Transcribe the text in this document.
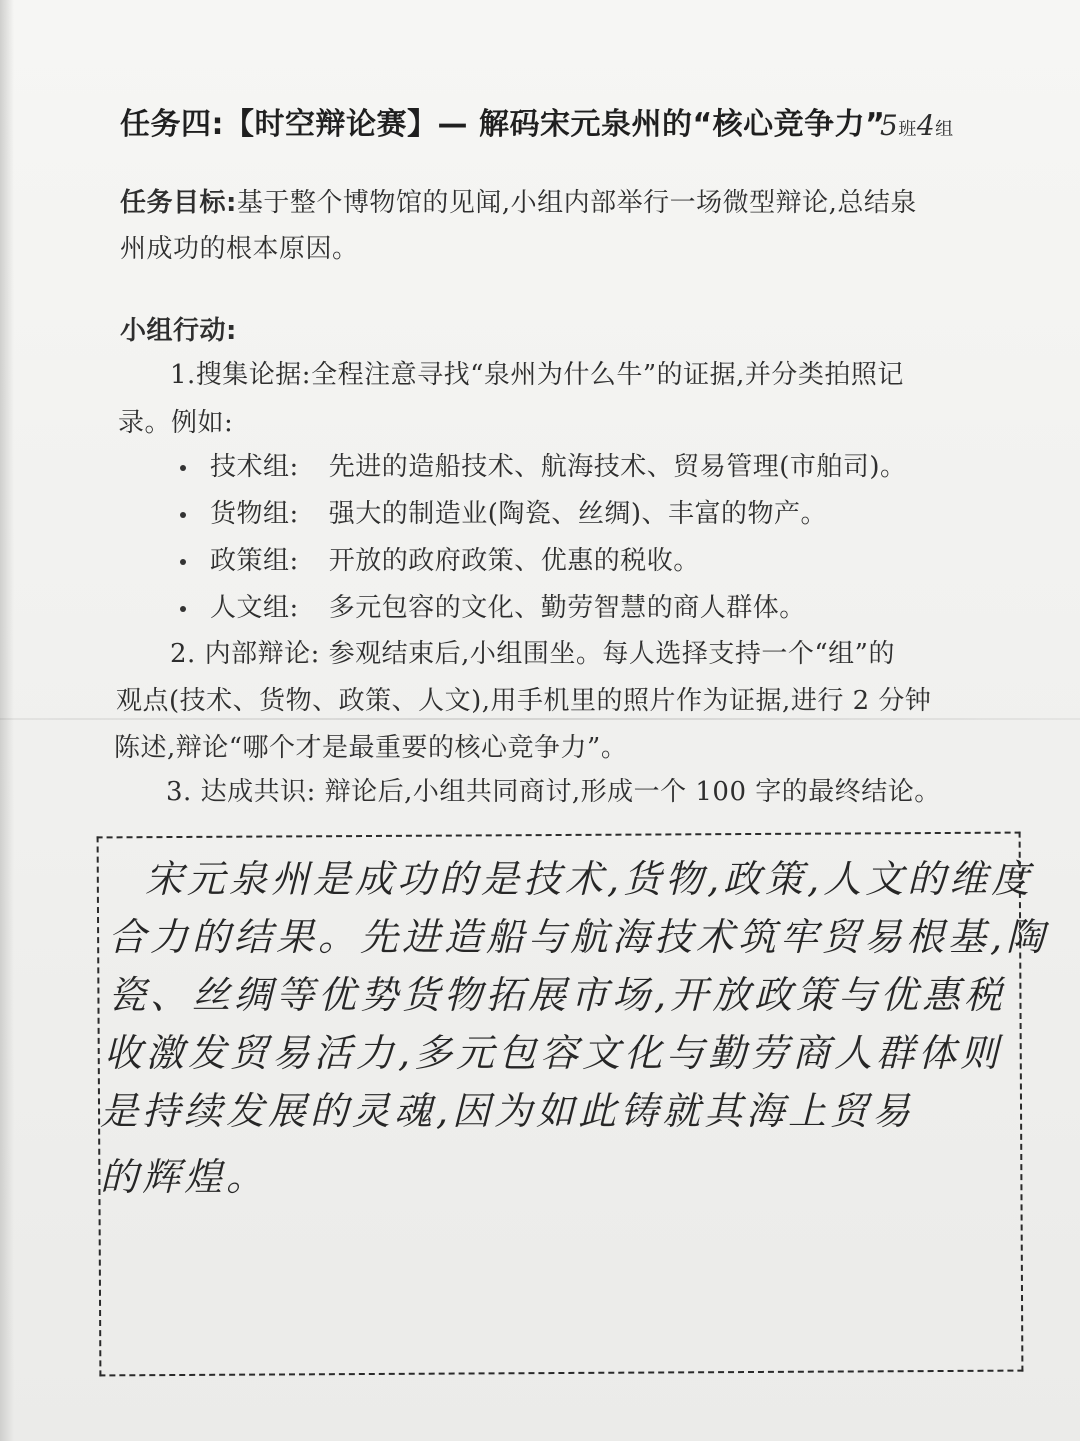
任务四:【时空辩论赛】— 解码宋元泉州的“核心竞争力”
5班4组
任务目标:基于整个博物馆的见闻,小组内部举行一场微型辩论,总结泉
州成功的根本原因。
小组行动:
1.搜集论据:全程注意寻找“泉州为什么牛”的证据,并分类拍照记
录。例如:
技术组: 先进的造船技术、航海技术、贸易管理(市舶司)。
货物组: 强大的制造业(陶瓷、丝绸)、丰富的物产。
政策组: 开放的政府政策、优惠的税收。
人文组: 多元包容的文化、勤劳智慧的商人群体。
2. 内部辩论: 参观结束后,小组围坐。每人选择支持一个“组”的
观点(技术、货物、政策、人文),用手机里的照片作为证据,进行 2 分钟
陈述,辩论“哪个才是最重要的核心竞争力”。
3. 达成共识: 辩论后,小组共同商讨,形成一个 100 字的最终结论。
宋元泉州是成功的是技术,货物,政策,人文的维度
合力的结果。先进造船与航海技术筑牢贸易根基,陶
瓷、丝绸等优势货物拓展市场,开放政策与优惠税
收激发贸易活力,多元包容文化与勤劳商人群体则
是持续发展的灵魂,因为如此铸就其海上贸易
的辉煌。
